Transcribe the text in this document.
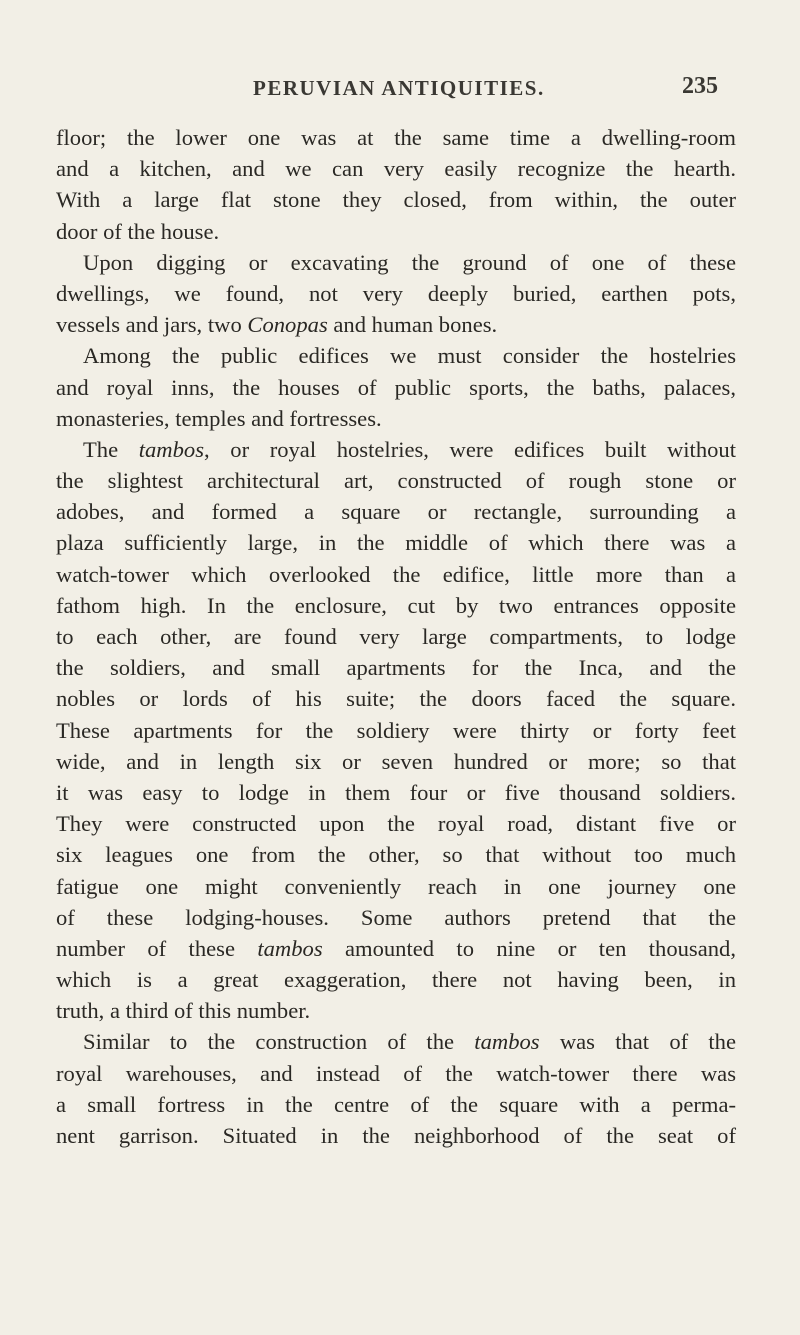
PERUVIAN ANTIQUITIES.	235
floor; the lower one was at the same time a dwelling-room
and a kitchen, and we can very easily recognize the hearth.
With a large flat stone they closed, from within, the outer
door of the house.
Upon digging or excavating the ground of one of these
dwellings, we found, not very deeply buried, earthen pots,
vessels and jars, two Conopas and human bones.
Among the public edifices we must consider the hostelries
and royal inns, the houses of public sports, the baths, palaces,
monasteries, temples and fortresses.
The tambos, or royal hostelries, were edifices built without
the slightest architectural art, constructed of rough stone or
adobes, and formed a square or rectangle, surrounding a
plaza sufficiently large, in the middle of which there was a
watch-tower which overlooked the edifice, little more than a
fathom high. In the enclosure, cut by two entrances opposite
to each other, are found very large compartments, to lodge
the soldiers, and small apartments for the Inca, and the
nobles or lords of his suite; the doors faced the square.
These apartments for the soldiery were thirty or forty feet
wide, and in length six or seven hundred or more; so that
it was easy to lodge in them four or five thousand soldiers.
They were constructed upon the royal road, distant five or
six leagues one from the other, so that without too much
fatigue one might conveniently reach in one journey one
of these lodging-houses. Some authors pretend that the
number of these tambos amounted to nine or ten thousand,
which is a great exaggeration, there not having been, in
truth, a third of this number.
Similar to the construction of the tambos was that of the
royal warehouses, and instead of the watch-tower there was
a small fortress in the centre of the square with a perma-
nent garrison. Situated in the neighborhood of the seat of
